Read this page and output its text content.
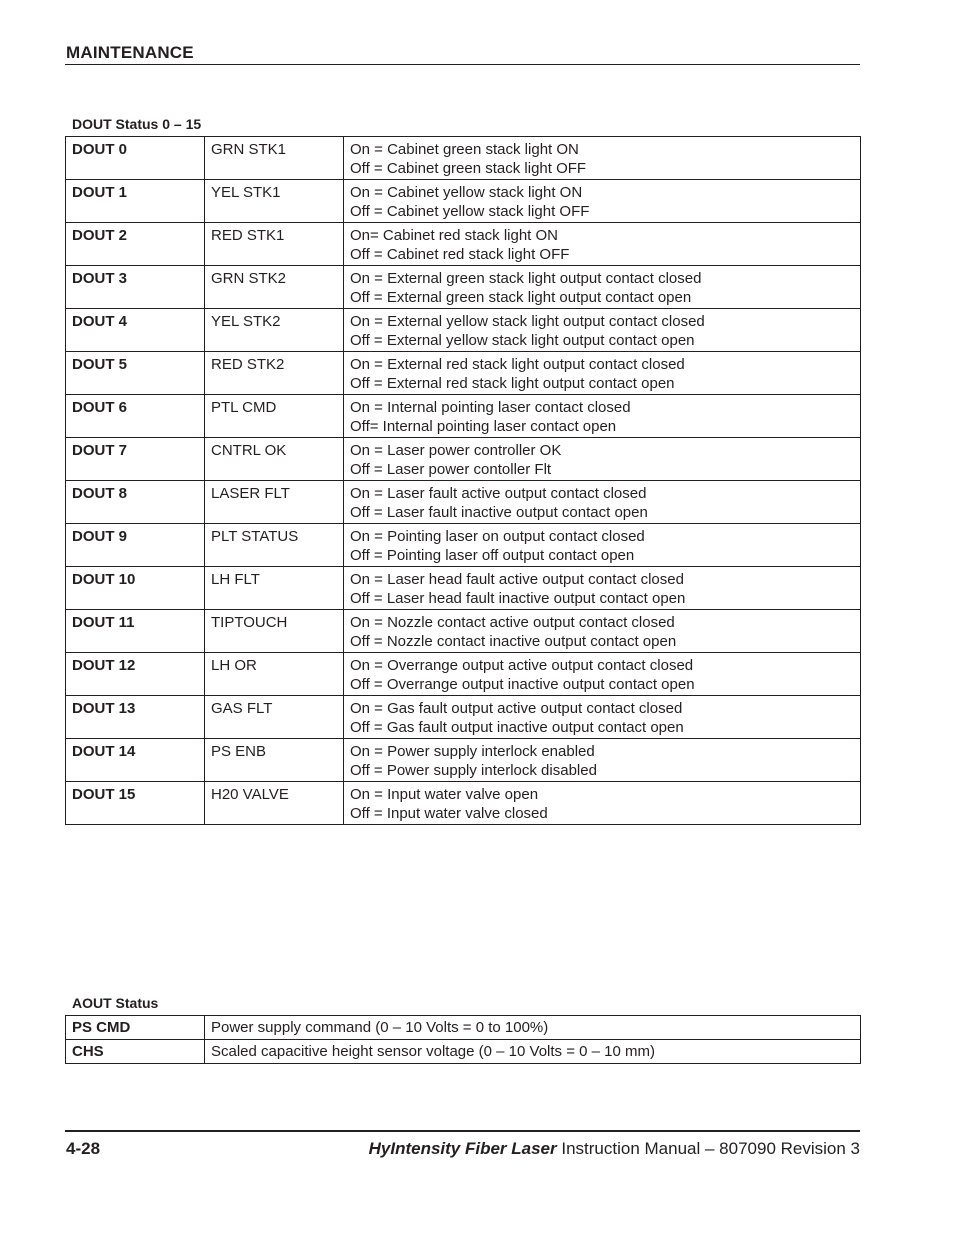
MAINTENANCE
DOUT Status 0 – 15
DOUT 0	GRN STK1	On = Cabinet green stack light ON
Off = Cabinet green stack light OFF

DOUT 1	YEL STK1	On = Cabinet yellow stack light ON
Off = Cabinet yellow stack light OFF

DOUT 2	RED STK1	On= Cabinet red stack light ON
Off = Cabinet red stack light OFF

DOUT 3	GRN STK2	On = External green stack light output contact closed
Off = External green stack light output contact open

DOUT 4	YEL STK2	On = External yellow stack light output contact closed
Off = External yellow stack light output contact open

DOUT 5	RED STK2	On = External red stack light output contact closed
Off = External red stack light output contact open

DOUT 6	PTL CMD	On = Internal pointing laser contact closed
Off= Internal pointing laser contact open

DOUT 7	CNTRL OK	On = Laser power controller OK
Off = Laser power contoller Flt

DOUT 8	LASER FLT	On = Laser fault active output contact closed
Off = Laser fault inactive output contact open

DOUT 9	PLT STATUS	On = Pointing laser on output contact closed
Off = Pointing laser off output contact open

DOUT 10	LH FLT	On = Laser head fault active output contact closed
Off = Laser head fault inactive output contact open

DOUT 11	TIPTOUCH	On = Nozzle contact active output contact closed
Off = Nozzle contact inactive output contact open

DOUT 12	LH OR	On = Overrange output active output contact closed
Off = Overrange output inactive output contact open

DOUT 13	GAS FLT	On = Gas fault output active output contact closed
Off = Gas fault output inactive output contact open

DOUT 14	PS ENB	On = Power supply interlock enabled
Off = Power supply interlock disabled

DOUT 15	H20 VALVE	On = Input water valve open
Off = Input water valve closed
AOUT Status
PS CMD	Power supply command (0 – 10 Volts = 0 to 100%)
CHS	Scaled capacitive height sensor voltage (0 – 10 Volts = 0 – 10 mm)
4-28	HyIntensity Fiber Laser Instruction Manual – 807090 Revision 3
